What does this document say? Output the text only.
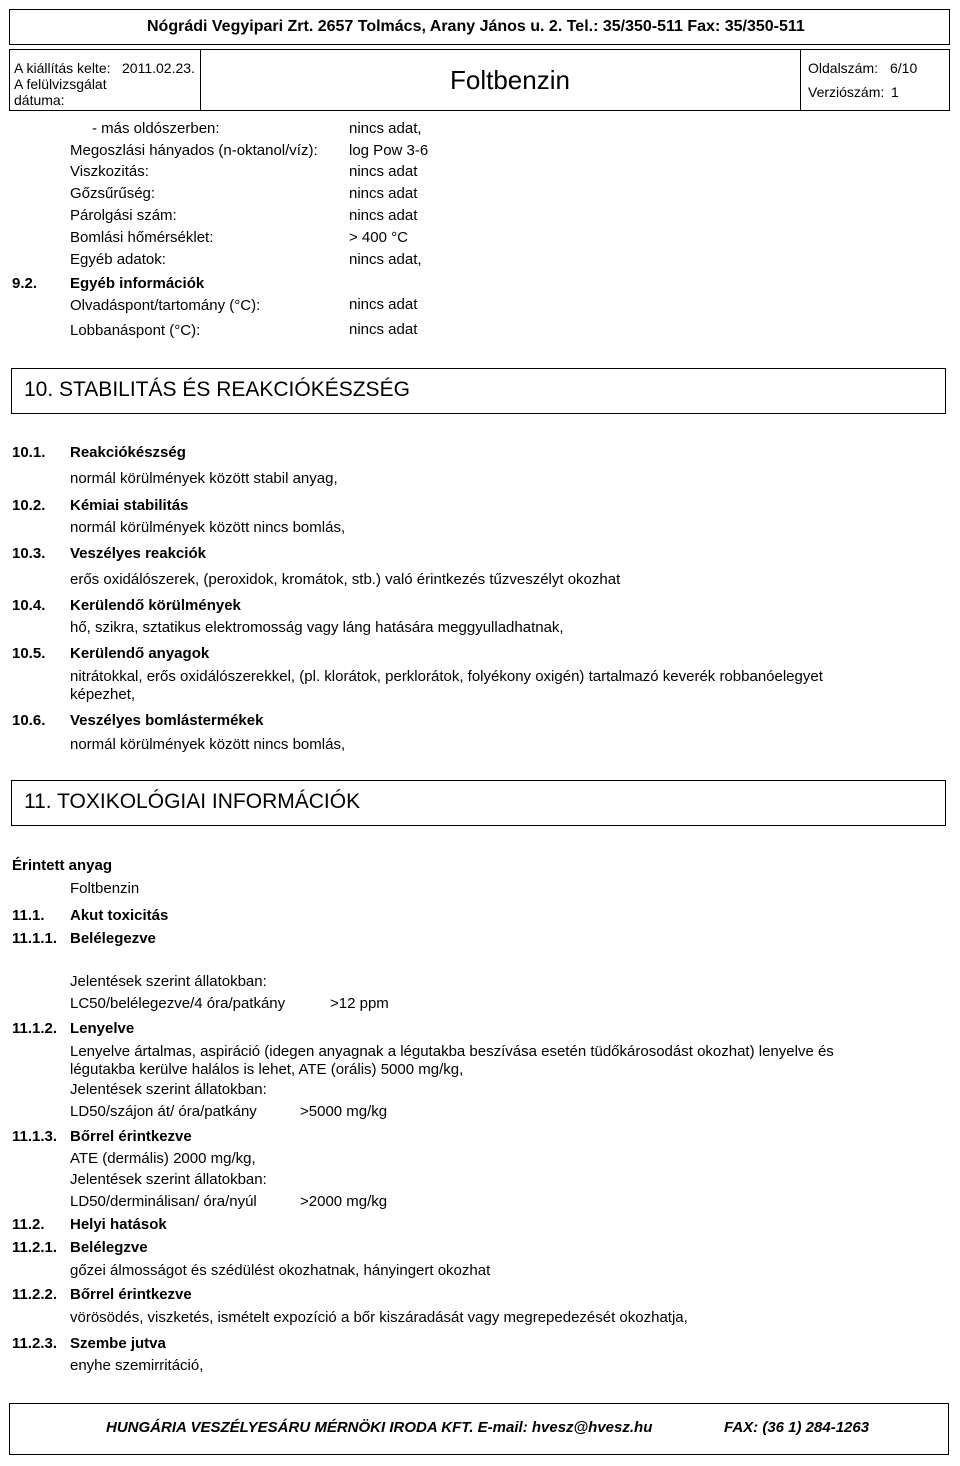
Nógrádi Vegyipari Zrt. 2657 Tolmács, Arany János u. 2. Tel.: 35/350-511 Fax: 35/350-511
A kiállítás kelte: 2011.02.23.
A felülvizsgálat
dátuma:
Foltbenzin	Oldalszám: 6/10
Verziószám: 1
- más oldószerben:	nincs adat,
Megoszlási hányados (n-oktanol/víz): log Pow 3-6
Viszkozitás:	nincs adat
Gőzsűrűség:	nincs adat
Párolgási szám:	nincs adat
Bomlási hőmérséklet:	> 400 °C
Egyéb adatok:	nincs adat,
9.2. Egyéb információk
Olvadáspont/tartomány (°C):	nincs adat
Lobbanáspont (°C):	nincs adat
10. STABILITÁS ÉS REAKCIÓKÉSZSÉG
10.1. Reakciókészség
normál körülmények között stabil anyag,
10.2. Kémiai stabilitás
normál körülmények között nincs bomlás,
10.3. Veszélyes reakciók
erős oxidálószerek, (peroxidok, kromátok, stb.) való érintkezés tűzveszélyt okozhat
10.4. Kerülendő körülmények
hő, szikra, sztatikus elektromosság vagy láng hatására meggyulladhatnak,
10.5. Kerülendő anyagok
nitrátokkal, erős oxidálószerekkel, (pl. klorátok, perklorátok, folyékony oxigén) tartalmazó keverék robbanóelegyet
képezhet,
10.6. Veszélyes bomlástermékek
normál körülmények között nincs bomlás,
11. TOXIKOLÓGIAI INFORMÁCIÓK
Érintett anyag
Foltbenzin
11.1. Akut toxicitás
11.1.1. Belélegezve
Jelentések szerint állatokban:
LC50/belélegezve/4 óra/patkány	>12 ppm
11.1.2. Lenyelve
Lenyelve ártalmas, aspiráció (idegen anyagnak a légutakba beszívása esetén tüdőkárosodást okozhat) lenyelve és
légutakba kerülve halálos is lehet, ATE (orális) 5000 mg/kg,
Jelentések szerint állatokban:
LD50/szájon át/ óra/patkány	>5000 mg/kg
11.1.3. Bőrrel érintkezve
ATE (dermális) 2000 mg/kg,
Jelentések szerint állatokban:
LD50/derminálisan/ óra/nyúl	>2000 mg/kg
11.2. Helyi hatások
11.2.1. Belélegzve
gőzei álmosságot és szédülést okozhatnak, hányingert okozhat
11.2.2. Bőrrel érintkezve
vörösödés, viszketés, ismételt expozíció a bőr kiszáradását vagy megrepedezését okozhatja,
11.2.3. Szembe jutva
enyhe szemirritáció,
HUNGÁRIA VESZÉLYESÁRU MÉRNÖKI IRODA KFT. E-mail: hvesz@hvesz.hu	FAX: (36 1) 284-1263
